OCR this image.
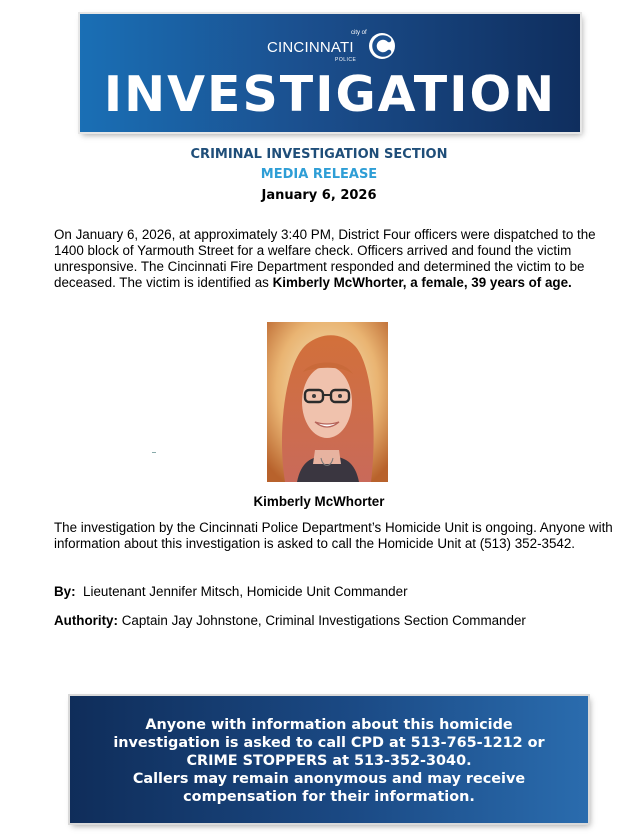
city of
CINCINNATI
POLICE
INVESTIGATION
CRIMINAL INVESTIGATION SECTION
MEDIA RELEASE
January 6, 2026

On January 6, 2026, at approximately 3:40 PM, District Four officers were dispatched to the 1400 block of Yarmouth Street for a welfare check. Officers arrived and found the victim unresponsive. The Cincinnati Fire Department responded and determined the victim to be deceased. The victim is identified as Kimberly McWhorter, a female, 39 years of age.

Kimberly McWhorter

The investigation by the Cincinnati Police Department’s Homicide Unit is ongoing. Anyone with information about this investigation is asked to call the Homicide Unit at (513) 352-3542.

By: Lieutenant Jennifer Mitsch, Homicide Unit Commander
Authority: Captain Jay Johnstone, Criminal Investigations Section Commander
Anyone with information about this homicide
investigation is asked to call CPD at 513-765-1212 or
CRIME STOPPERS at 513-352-3040.
Callers may remain anonymous and may receive
compensation for their information.
